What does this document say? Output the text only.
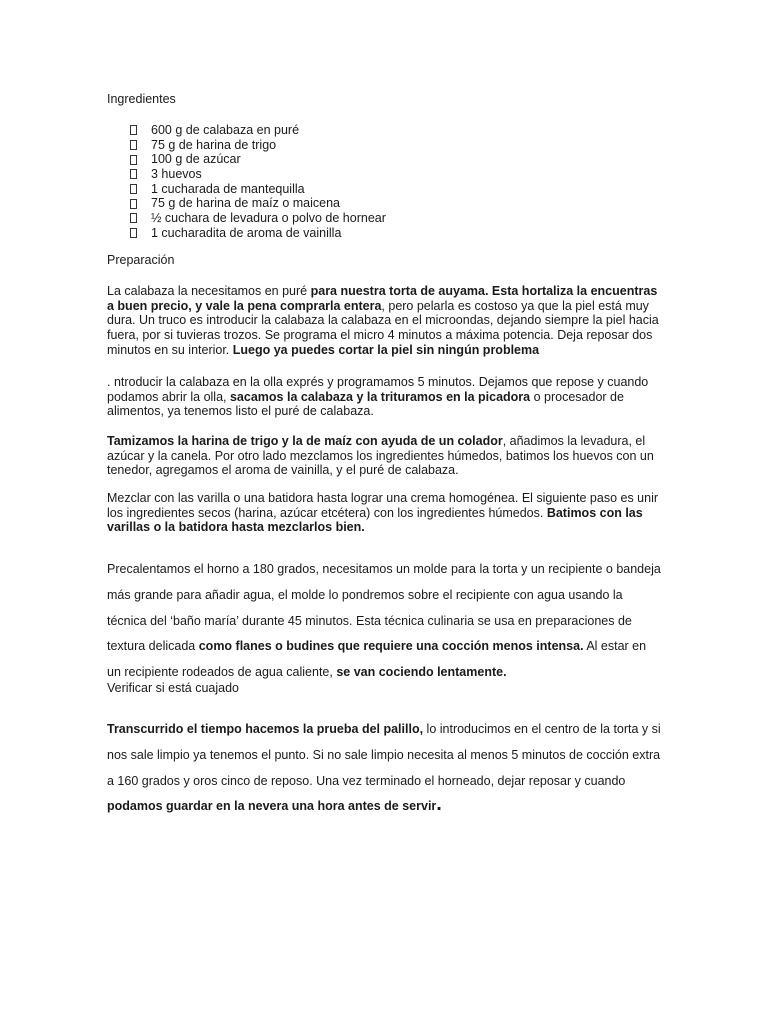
Ingredientes
600 g de calabaza en puré
75 g de harina de trigo
100 g de azúcar
3 huevos
1 cucharada de mantequilla
75 g de harina de maíz o maicena
½ cuchara de levadura o polvo de hornear
1 cucharadita de aroma de vainilla
Preparación

La calabaza la necesitamos en puré para nuestra torta de auyama. Esta hortaliza la encuentras a buen precio, y vale la pena comprarla entera, pero pelarla es costoso ya que la piel está muy dura. Un truco es introducir la calabaza la calabaza en el microondas, dejando siempre la piel hacia fuera, por si tuvieras trozos. Se programa el micro 4 minutos a máxima potencia. Deja reposar dos minutos en su interior. Luego ya puedes cortar la piel sin ningún problema

. ntroducir la calabaza en la olla exprés y programamos 5 minutos. Dejamos que repose y cuando podamos abrir la olla, sacamos la calabaza y la trituramos en la picadora o procesador de alimentos, ya tenemos listo el puré de calabaza.

Tamizamos la harina de trigo y la de maíz con ayuda de un colador, añadimos la levadura, el azúcar y la canela. Por otro lado mezclamos los ingredientes húmedos, batimos los huevos con un tenedor, agregamos el aroma de vainilla, y el puré de calabaza.

Mezclar con las varilla o una batidora hasta lograr una crema homogénea. El siguiente paso es unir los ingredientes secos (harina, azúcar etcétera) con los ingredientes húmedos. Batimos con las varillas o la batidora hasta mezclarlos bien.

Precalentamos el horno a 180 grados, necesitamos un molde para la torta y un recipiente o bandeja más grande para añadir agua, el molde lo pondremos sobre el recipiente con agua usando la técnica del ‘baño maría’ durante 45 minutos. Esta técnica culinaria se usa en preparaciones de textura delicada como flanes o budines que requiere una cocción menos intensa. Al estar en un recipiente rodeados de agua caliente, se van cociendo lentamente.

Verificar si está cuajado

Transcurrido el tiempo hacemos la prueba del palillo, lo introducimos en el centro de la torta y si nos sale limpio ya tenemos el punto. Si no sale limpio necesita al menos 5 minutos de cocción extra a 160 grados y oros cinco de reposo. Una vez terminado el horneado, dejar reposar y cuando podamos guardar en la nevera una hora antes de servir.
